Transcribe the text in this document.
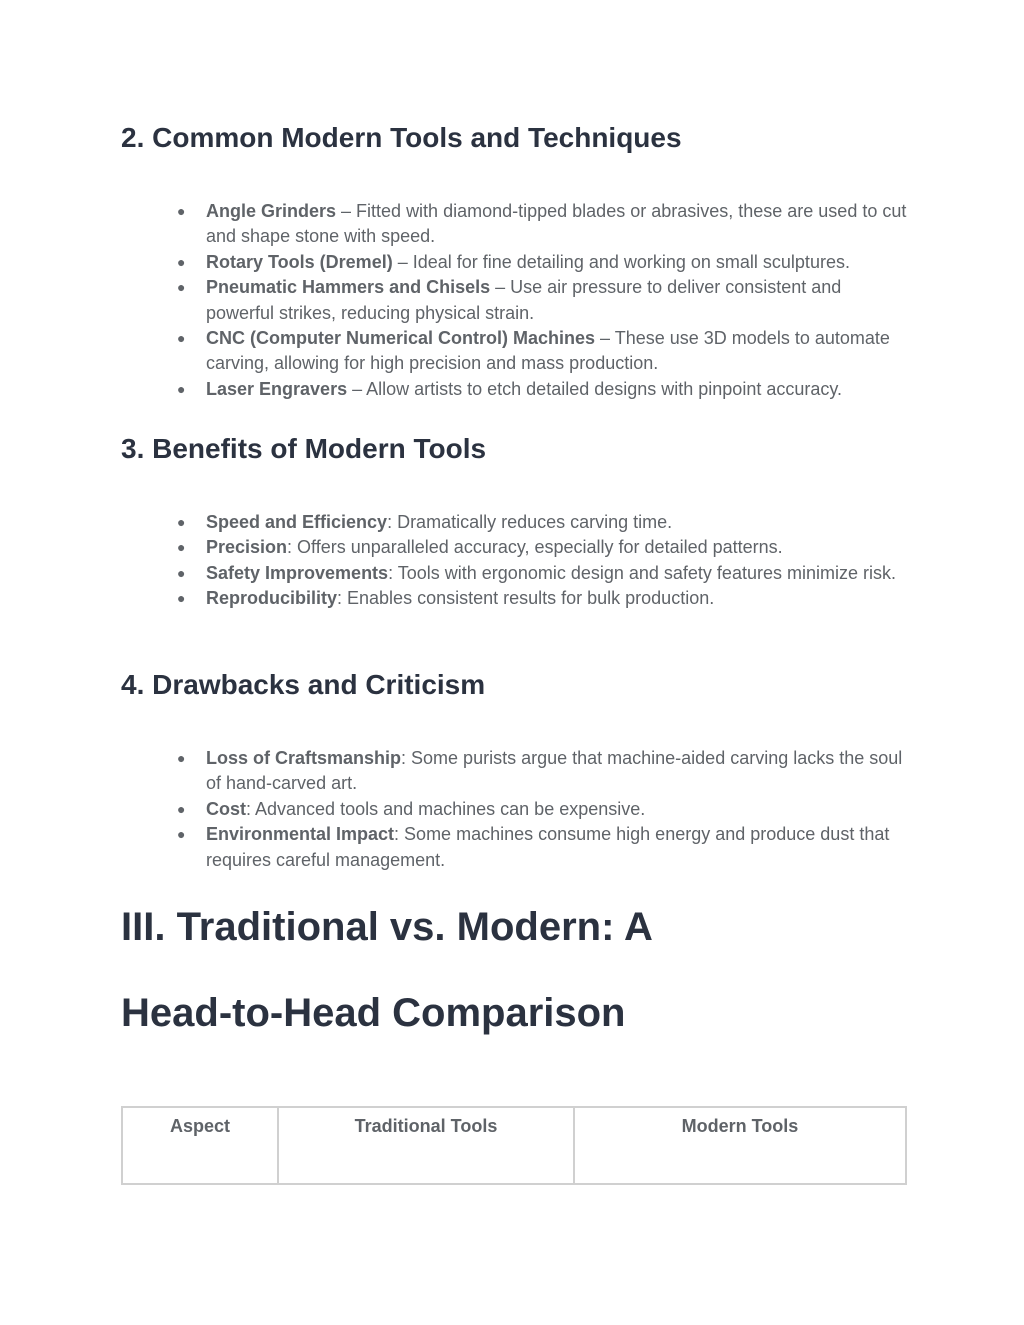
2. Common Modern Tools and Techniques
● Angle Grinders – Fitted with diamond-tipped blades or abrasives, these are used to cut and shape stone with speed.
● Rotary Tools (Dremel) – Ideal for fine detailing and working on small sculptures.
● Pneumatic Hammers and Chisels – Use air pressure to deliver consistent and powerful strikes, reducing physical strain.
● CNC (Computer Numerical Control) Machines – These use 3D models to automate carving, allowing for high precision and mass production.
● Laser Engravers – Allow artists to etch detailed designs with pinpoint accuracy.
3. Benefits of Modern Tools
● Speed and Efficiency: Dramatically reduces carving time.
● Precision: Offers unparalleled accuracy, especially for detailed patterns.
● Safety Improvements: Tools with ergonomic design and safety features minimize risk.
● Reproducibility: Enables consistent results for bulk production.
4. Drawbacks and Criticism
● Loss of Craftsmanship: Some purists argue that machine-aided carving lacks the soul of hand-carved art.
● Cost: Advanced tools and machines can be expensive.
● Environmental Impact: Some machines consume high energy and produce dust that requires careful management.
III. Traditional vs. Modern: A
Head-to-Head Comparison
Aspect	Traditional Tools	Modern Tools
